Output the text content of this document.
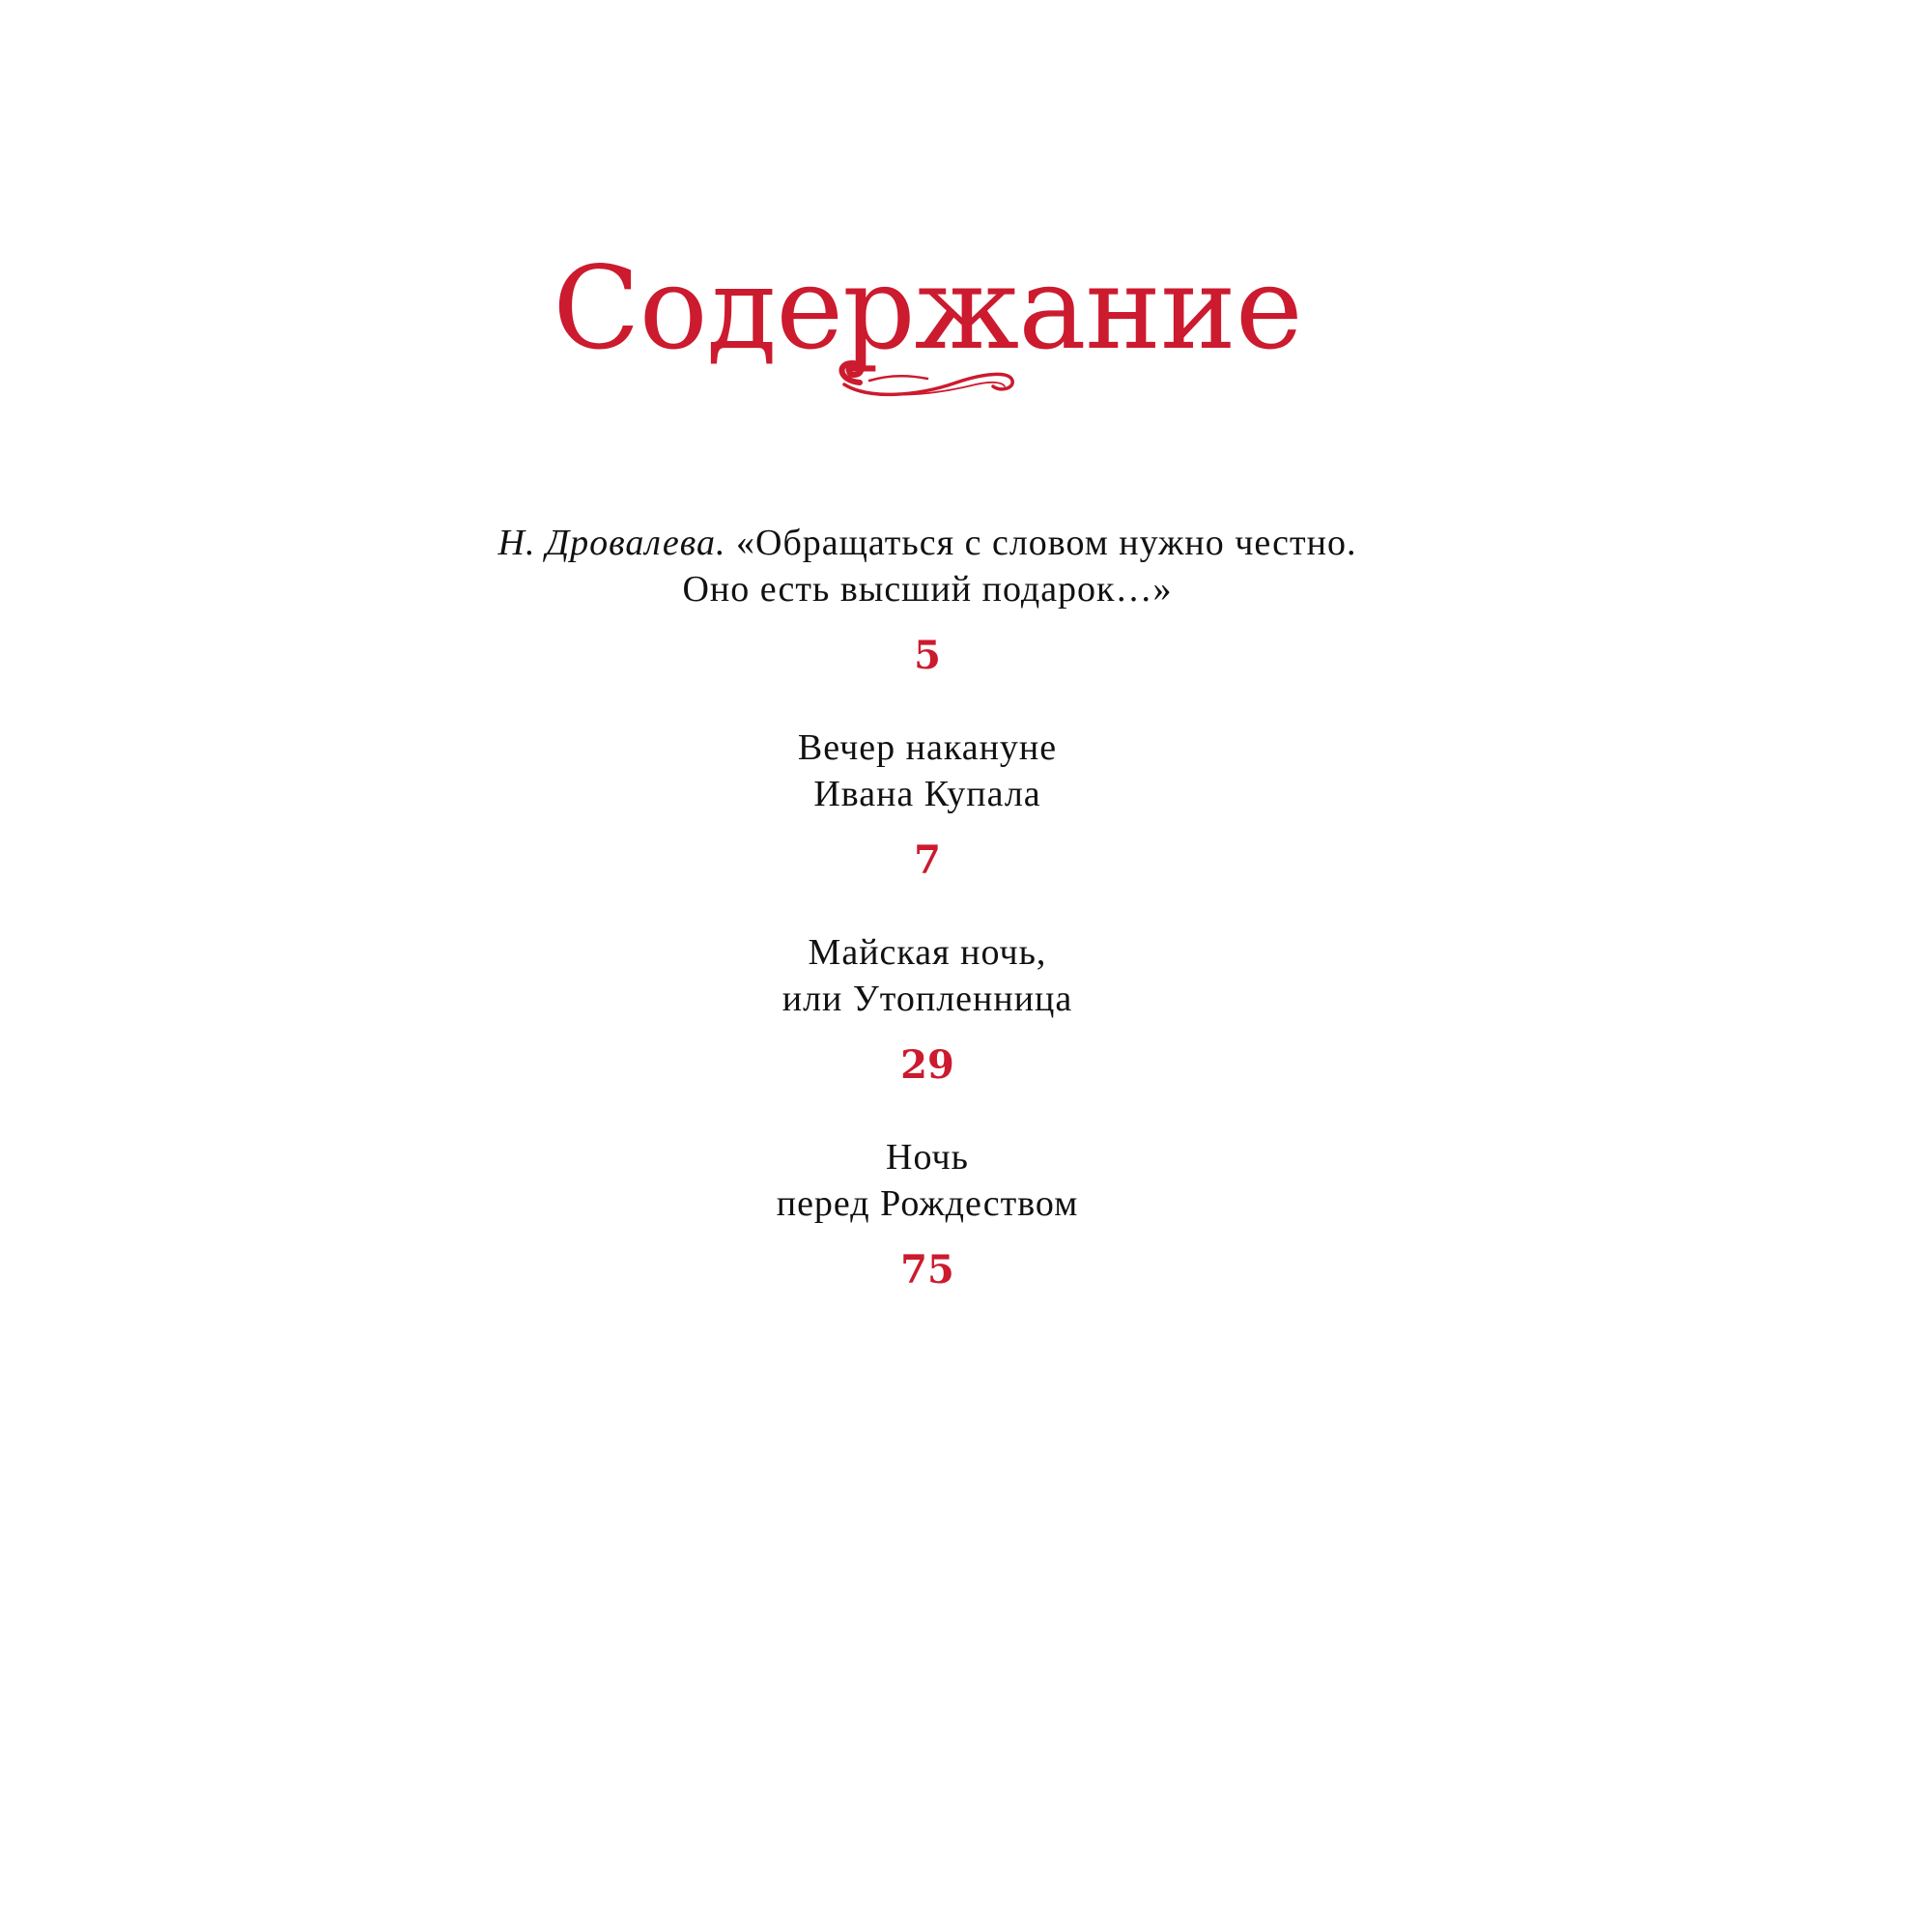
Содержание

Н. Дровалева. «Обращаться с словом нужно честно.

Оно есть высший подарок…»

5

Вечер накануне

Ивана Купала

7

Майская ночь,

или Утопленница

29

Ночь

перед Рождеством

75
